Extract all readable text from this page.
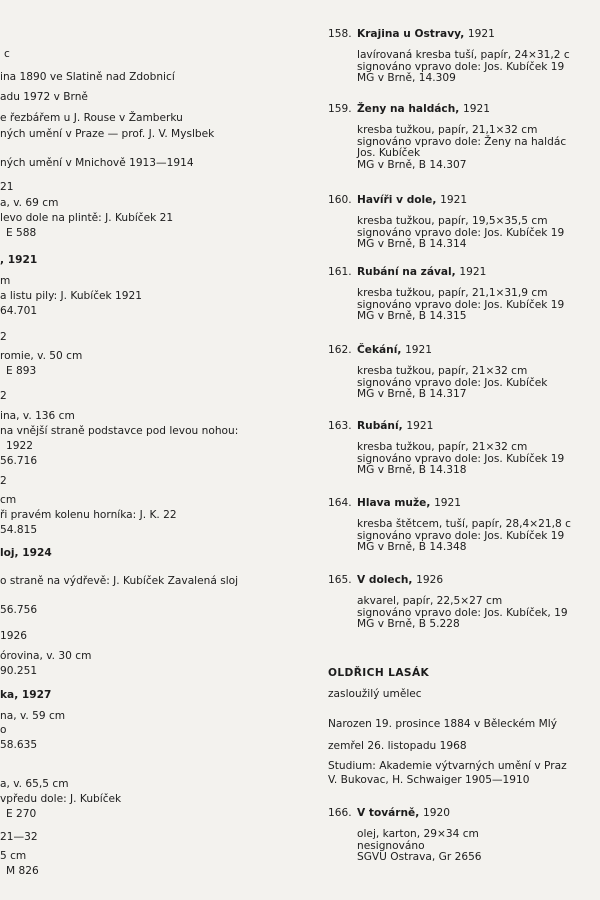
c
ina 1890 ve Slatině nad Zdobnicí
adu 1972 v Brně
e řezbářem u J. Rouse v Žamberku
ných umění v Praze — prof. J. V. Myslbek
ných umění v Mnichově 1913—1914
21
a, v. 69 cm
levo dole na plintě: J. Kubíček 21
E 588
, 1921
m
a listu pily: J. Kubíček 1921
64.701
2
romie, v. 50 cm
E 893
2
ina, v. 136 cm
na vnější straně podstavce pod levou nohou:
1922
56.716
2
cm
ři pravém kolenu horníka: J. K. 22
54.815
loj, 1924
o straně na výdřevě: J. Kubíček Zavalená sloj
56.756
1926
órovina, v. 30 cm
90.251
ka, 1927
na, v. 59 cm
o
58.635
a, v. 65,5 cm
vpředu dole: J. Kubíček
E 270
21—32
5 cm
M 826
158. Krajina u Ostravy, 1921
lavírovaná kresba tuší, papír, 24×31,2 c
signováno vpravo dole: Jos. Kubíček 19
MG v Brně, 14.309
159. Ženy na haldách, 1921
kresba tužkou, papír, 21,1×32 cm
signováno vpravo dole: Ženy na haldác
Jos. Kubíček
MG v Brně, B 14.307
160. Havíři v dole, 1921
kresba tužkou, papír, 19,5×35,5 cm
signováno vpravo dole: Jos. Kubíček 19
MG v Brně, B 14.314
161. Rubání na zával, 1921
kresba tužkou, papír, 21,1×31,9 cm
signováno vpravo dole: Jos. Kubíček 19
MG v Brně, B 14.315
162. Čekání, 1921
kresba tužkou, papír, 21×32 cm
signováno vpravo dole: Jos. Kubíček
MG v Brně, B 14.317
163. Rubání, 1921
kresba tužkou, papír, 21×32 cm
signováno vpravo dole: Jos. Kubíček 19
MG v Brně, B 14.318
164. Hlava muže, 1921
kresba štětcem, tuší, papír, 28,4×21,8 c
signováno vpravo dole: Jos. Kubíček 19
MG v Brně, B 14.348
165. V dolech, 1926
akvarel, papír, 22,5×27 cm
signováno vpravo dole: Jos. Kubíček, 19
MG v Brně, B 5.228
OLDŘICH LASÁK
zasloužilý umělec
Narozen 19. prosince 1884 v Běleckém Mlý
zemřel 26. listopadu 1968
Studium: Akademie výtvarných umění v Praz
V. Bukovac, H. Schwaiger 1905—1910
166. V továrně, 1920
olej, karton, 29×34 cm
nesignováno
SGVU Ostrava, Gr 2656
